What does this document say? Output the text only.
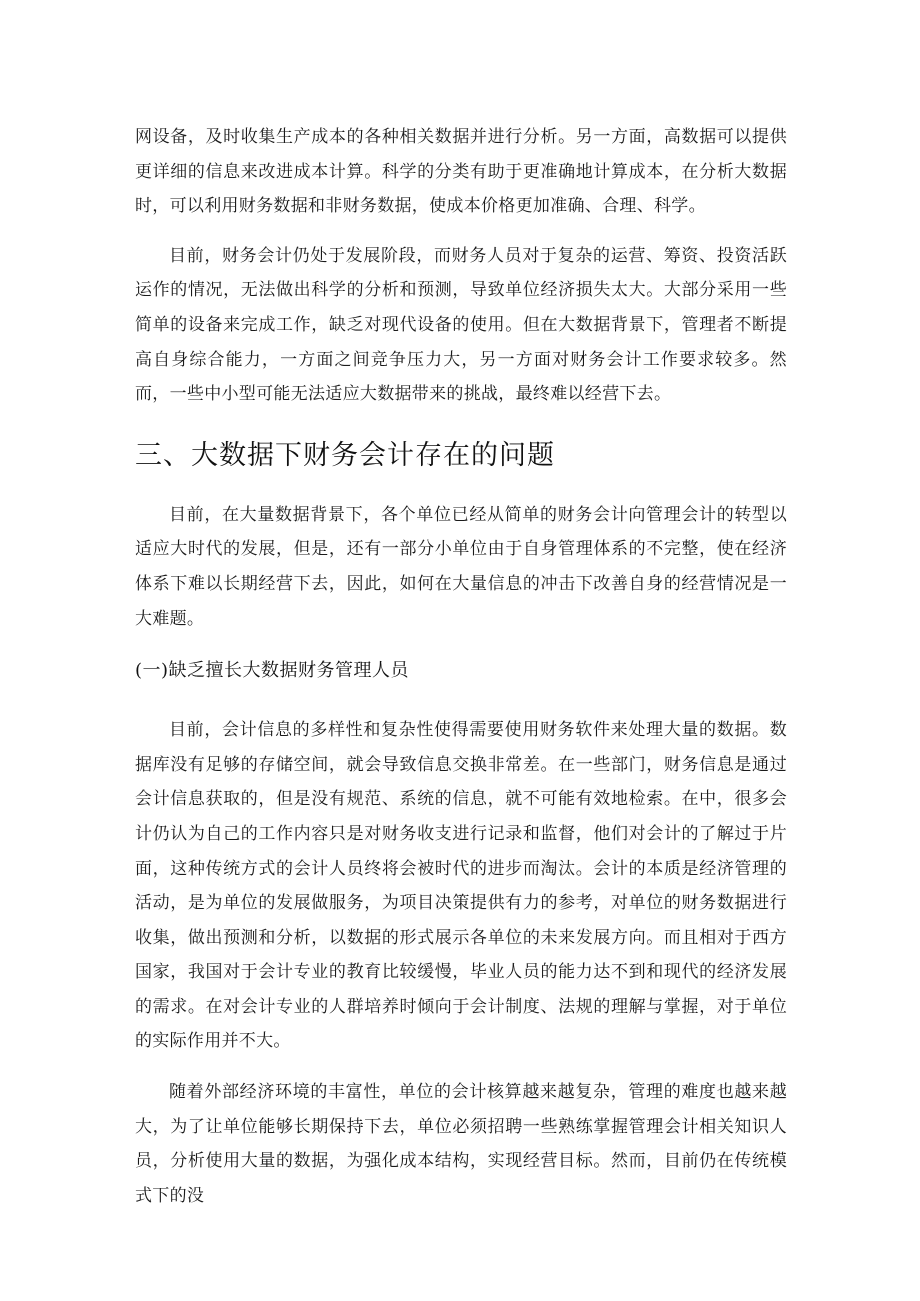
网设备，及时收集生产成本的各种相关数据并进行分析。另一方面，高数据可以提供更详细的信息来改进成本计算。科学的分类有助于更准确地计算成本，在分析大数据时，可以利用财务数据和非财务数据，使成本价格更加准确、合理、科学。

目前，财务会计仍处于发展阶段，而财务人员对于复杂的运营、筹资、投资活跃运作的情况，无法做出科学的分析和预测，导致单位经济损失太大。大部分采用一些简单的设备来完成工作，缺乏对现代设备的使用。但在大数据背景下，管理者不断提高自身综合能力，一方面之间竞争压力大，另一方面对财务会计工作要求较多。然而，一些中小型可能无法适应大数据带来的挑战，最终难以经营下去。

三、大数据下财务会计存在的问题

目前，在大量数据背景下，各个单位已经从简单的财务会计向管理会计的转型以适应大时代的发展，但是，还有一部分小单位由于自身管理体系的不完整，使在经济体系下难以长期经营下去，因此，如何在大量信息的冲击下改善自身的经营情况是一大难题。

(一)缺乏擅长大数据财务管理人员

目前，会计信息的多样性和复杂性使得需要使用财务软件来处理大量的数据。数据库没有足够的存储空间，就会导致信息交换非常差。在一些部门，财务信息是通过会计信息获取的，但是没有规范、系统的信息，就不可能有效地检索。在中，很多会计仍认为自己的工作内容只是对财务收支进行记录和监督，他们对会计的了解过于片面，这种传统方式的会计人员终将会被时代的进步而淘汰。会计的本质是经济管理的活动，是为单位的发展做服务，为项目决策提供有力的参考，对单位的财务数据进行收集，做出预测和分析，以数据的形式展示各单位的未来发展方向。而且相对于西方国家，我国对于会计专业的教育比较缓慢，毕业人员的能力达不到和现代的经济发展的需求。在对会计专业的人群培养时倾向于会计制度、法规的理解与掌握，对于单位的实际作用并不大。

随着外部经济环境的丰富性，单位的会计核算越来越复杂，管理的难度也越来越大，为了让单位能够长期保持下去，单位必须招聘一些熟练掌握管理会计相关知识人员，分析使用大量的数据，为强化成本结构，实现经营目标。然而，目前仍在传统模式下的没
